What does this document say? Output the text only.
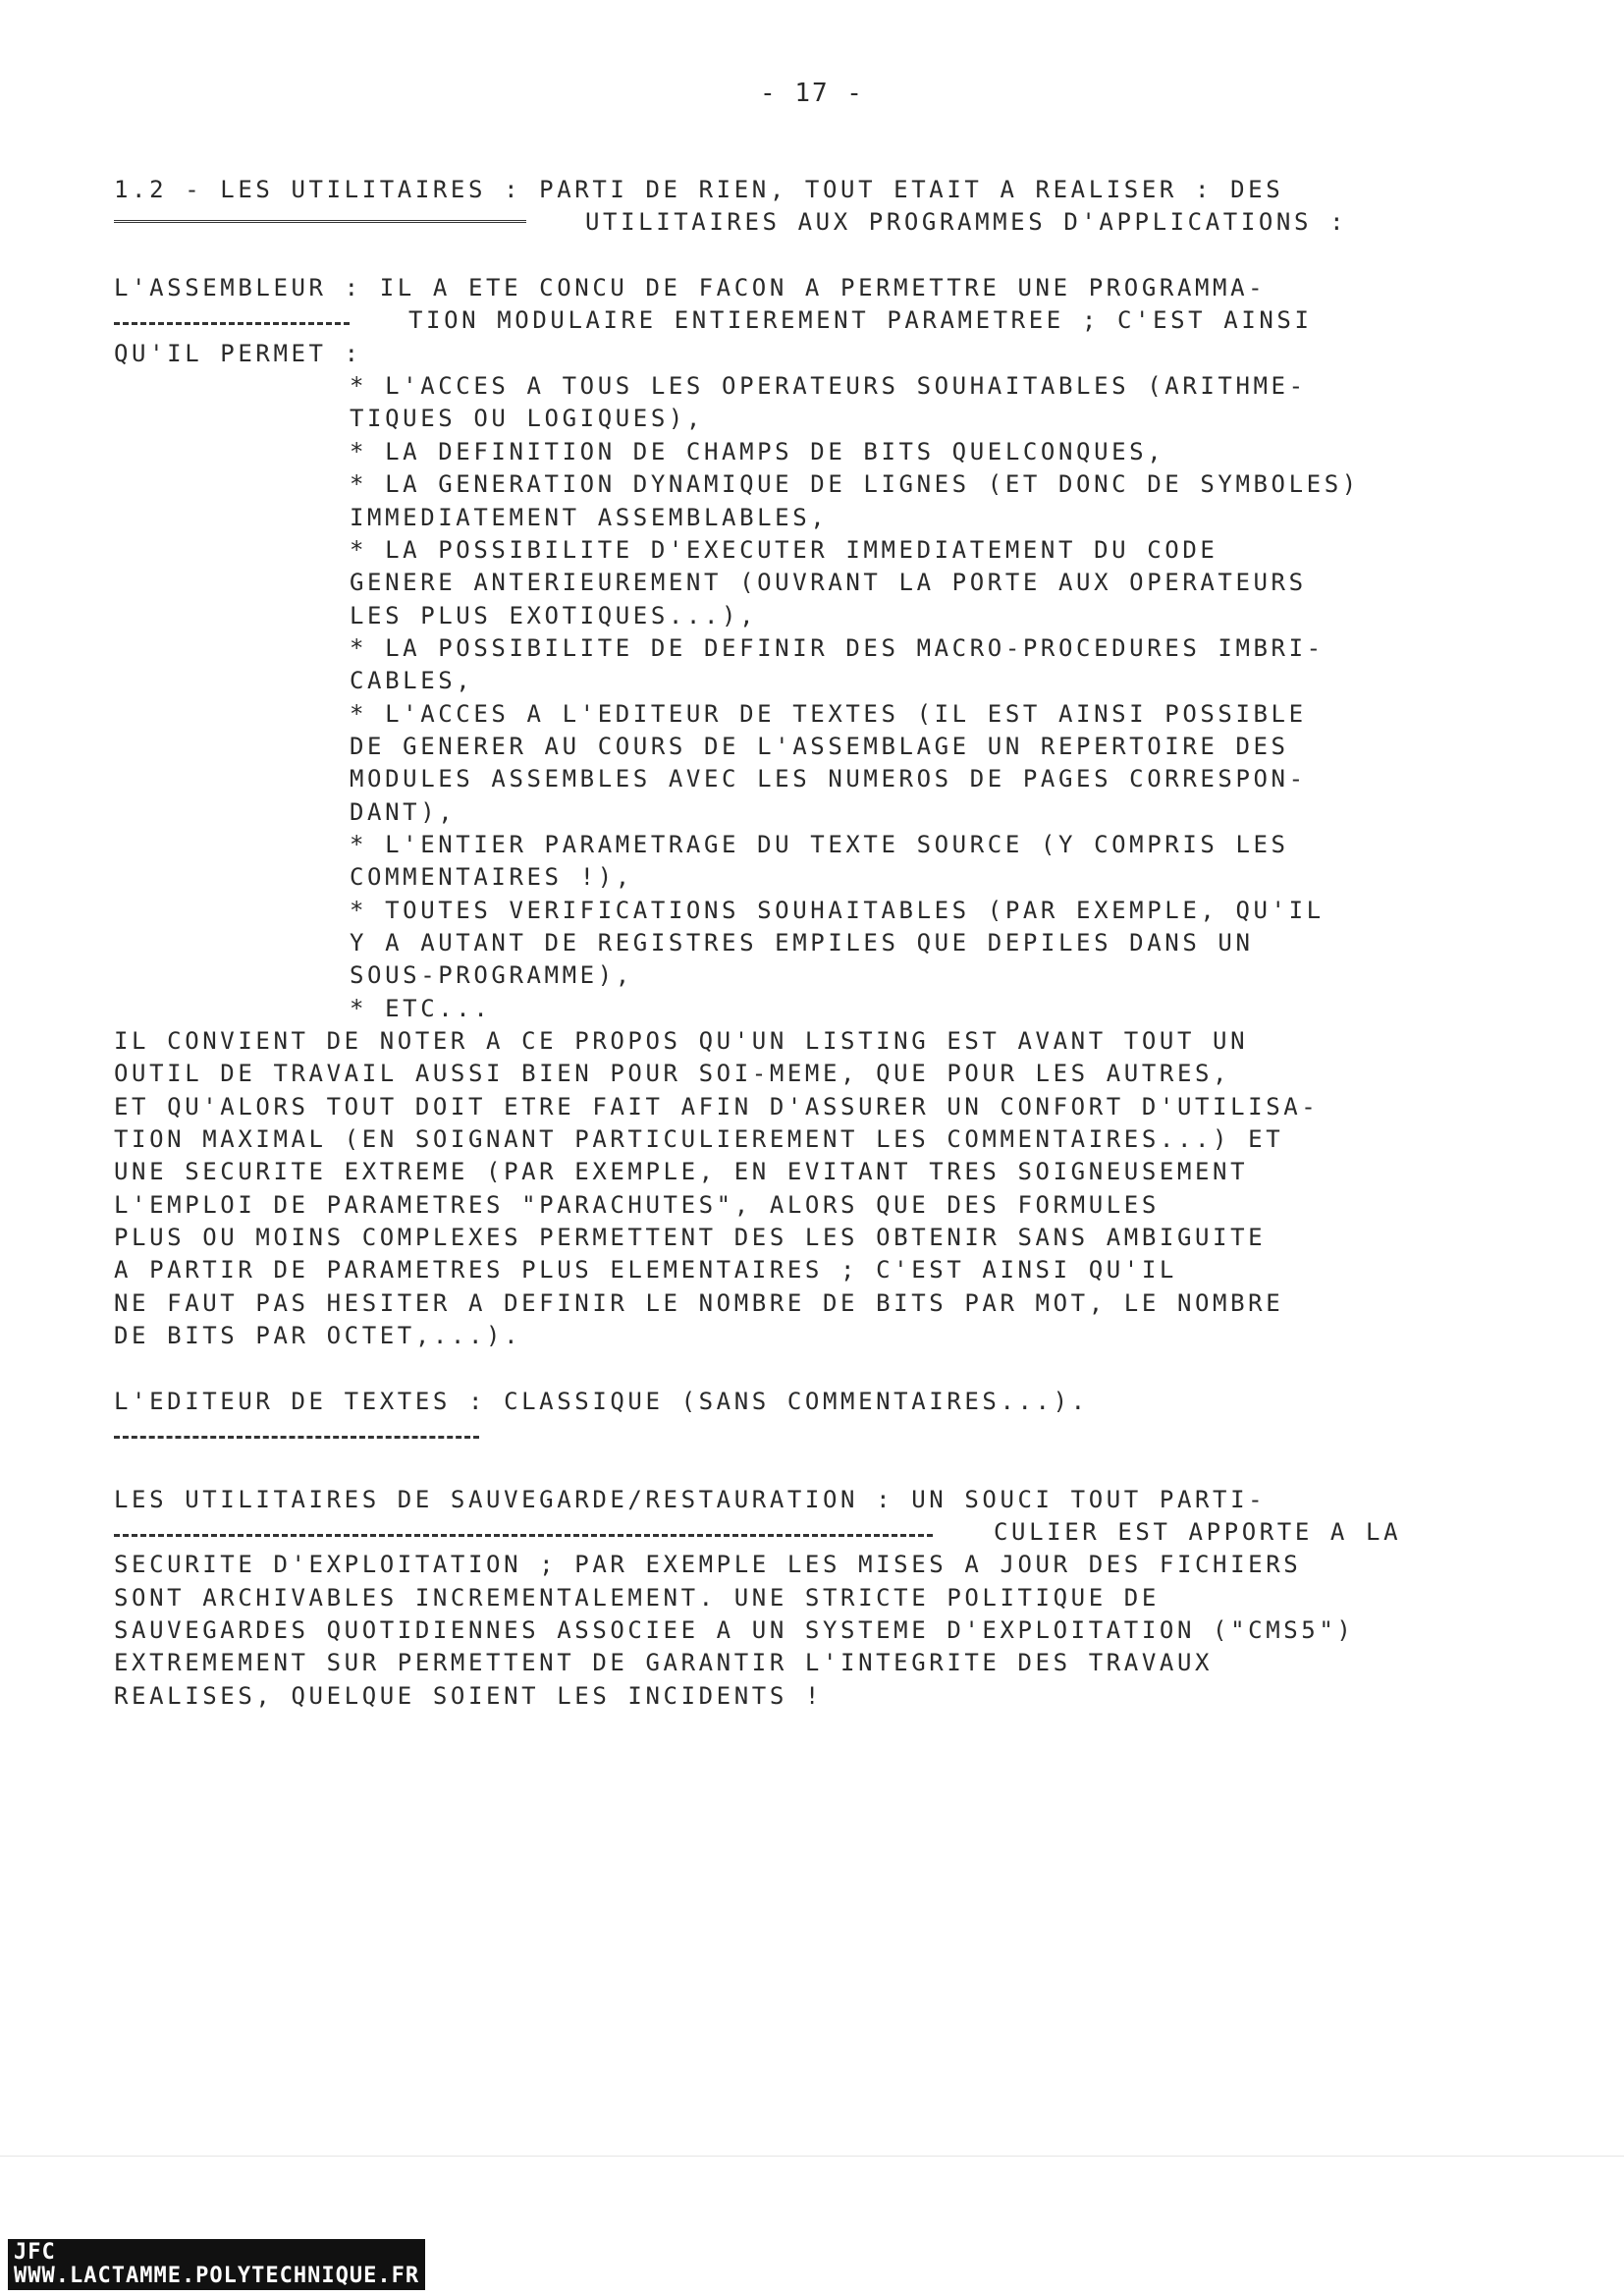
- 17 -
1.2 - LES UTILITAIRES : PARTI DE RIEN, TOUT ETAIT A REALISER : DES
UTILITAIRES AUX PROGRAMMES D'APPLICATIONS :
L'ASSEMBLEUR : IL A ETE CONCU DE FACON A PERMETTRE UNE PROGRAMMA-
TION MODULAIRE ENTIEREMENT PARAMETREE ; C'EST AINSI
QU'IL PERMET :
* L'ACCES A TOUS LES OPERATEURS SOUHAITABLES (ARITHME-
TIQUES OU LOGIQUES),
* LA DEFINITION DE CHAMPS DE BITS QUELCONQUES,
* LA GENERATION DYNAMIQUE DE LIGNES (ET DONC DE SYMBOLES)
IMMEDIATEMENT ASSEMBLABLES,
* LA POSSIBILITE D'EXECUTER IMMEDIATEMENT DU CODE
GENERE ANTERIEUREMENT (OUVRANT LA PORTE AUX OPERATEURS
LES PLUS EXOTIQUES...),
* LA POSSIBILITE DE DEFINIR DES MACRO-PROCEDURES IMBRI-
CABLES,
* L'ACCES A L'EDITEUR DE TEXTES (IL EST AINSI POSSIBLE
DE GENERER AU COURS DE L'ASSEMBLAGE UN REPERTOIRE DES
MODULES ASSEMBLES AVEC LES NUMEROS DE PAGES CORRESPON-
DANT),
* L'ENTIER PARAMETRAGE DU TEXTE SOURCE (Y COMPRIS LES
COMMENTAIRES !),
* TOUTES VERIFICATIONS SOUHAITABLES (PAR EXEMPLE, QU'IL
Y A AUTANT DE REGISTRES EMPILES QUE DEPILES DANS UN
SOUS-PROGRAMME),
* ETC...
IL CONVIENT DE NOTER A CE PROPOS QU'UN LISTING EST AVANT TOUT UN
OUTIL DE TRAVAIL AUSSI BIEN POUR SOI-MEME, QUE POUR LES AUTRES,
ET QU'ALORS TOUT DOIT ETRE FAIT AFIN D'ASSURER UN CONFORT D'UTILISA-
TION MAXIMAL (EN SOIGNANT PARTICULIEREMENT LES COMMENTAIRES...) ET
UNE SECURITE EXTREME (PAR EXEMPLE, EN EVITANT TRES SOIGNEUSEMENT
L'EMPLOI DE PARAMETRES "PARACHUTES", ALORS QUE DES FORMULES
PLUS OU MOINS COMPLEXES PERMETTENT DES LES OBTENIR SANS AMBIGUITE
A PARTIR DE PARAMETRES PLUS ELEMENTAIRES ; C'EST AINSI QU'IL
NE FAUT PAS HESITER A DEFINIR LE NOMBRE DE BITS PAR MOT, LE NOMBRE
DE BITS PAR OCTET,...).
L'EDITEUR DE TEXTES : CLASSIQUE (SANS COMMENTAIRES...).
LES UTILITAIRES DE SAUVEGARDE/RESTAURATION : UN SOUCI TOUT PARTI-
CULIER EST APPORTE A LA
SECURITE D'EXPLOITATION ; PAR EXEMPLE LES MISES A JOUR DES FICHIERS
SONT ARCHIVABLES INCREMENTALEMENT. UNE STRICTE POLITIQUE DE
SAUVEGARDES QUOTIDIENNES ASSOCIEE A UN SYSTEME D'EXPLOITATION ("CMS5")
EXTREMEMENT SUR PERMETTENT DE GARANTIR L'INTEGRITE DES TRAVAUX
REALISES, QUELQUE SOIENT LES INCIDENTS !
JFC
WWW.LACTAMME.POLYTECHNIQUE.FR
